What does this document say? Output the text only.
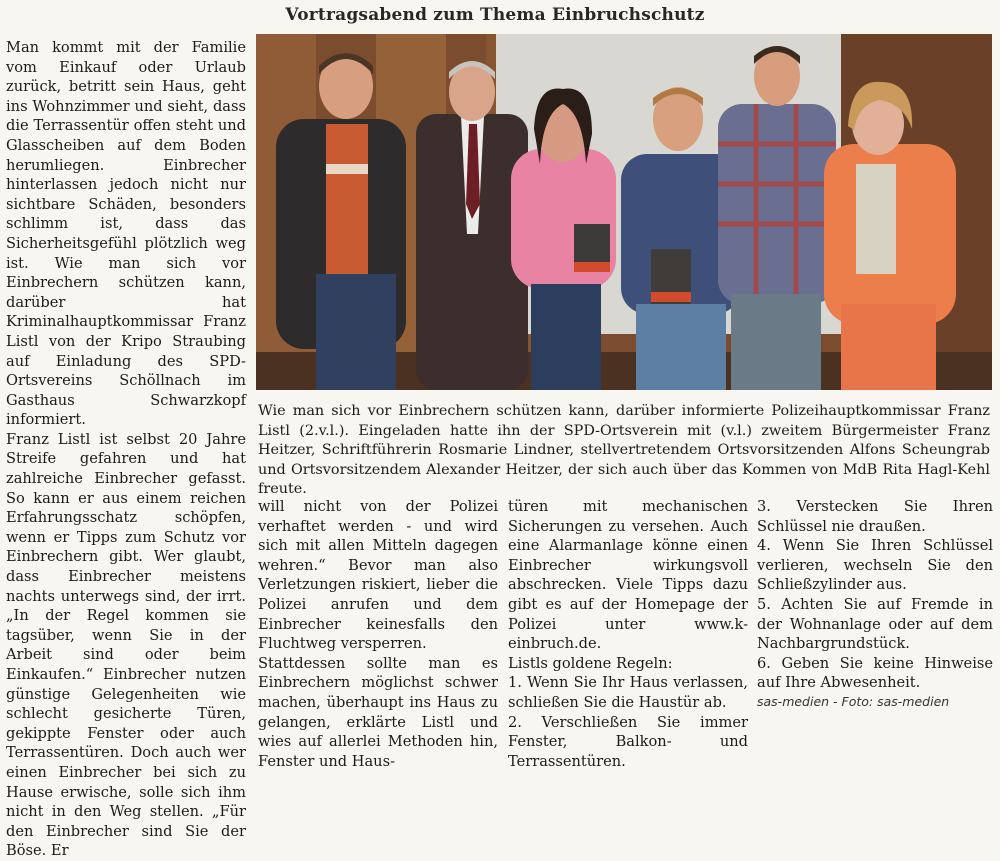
Vortragsabend zum Thema Einbruchschutz

Man kommt mit der Familie vom Einkauf oder Urlaub zurück, betritt sein Haus, geht ins Wohnzimmer und sieht, dass die Terrassentür offen steht und Glasscheiben auf dem Boden herumliegen. Einbrecher hinterlassen jedoch nicht nur sichtbare Schäden, besonders schlimm ist, dass das Sicherheitsgefühl plötzlich weg ist. Wie man sich vor Einbrechern schützen kann, darüber hat Kriminalhauptkommissar Franz Listl von der Kripo Straubing auf Einladung des SPD-Ortsvereins Schöllnach im Gasthaus Schwarzkopf informiert.

Franz Listl ist selbst 20 Jahre Streife gefahren und hat zahlreiche Einbrecher gefasst. So kann er aus einem reichen Erfahrungsschatz schöpfen, wenn er Tipps zum Schutz vor Einbrechern gibt. Wer glaubt, dass Einbrecher meistens nachts unterwegs sind, der irrt. „In der Regel kommen sie tagsüber, wenn Sie in der Arbeit sind oder beim Einkaufen.“ Einbrecher nutzen günstige Gelegenheiten wie schlecht gesicherte Türen, gekippte Fenster oder auch Terrassentüren. Doch auch wer einen Einbrecher bei sich zu Hause erwische, solle sich ihm nicht in den Weg stellen. „Für den Einbrecher sind Sie der Böse. Er

Wie man sich vor Einbrechern schützen kann, darüber informierte Polizeihauptkommissar Franz Listl (2.v.l.). Eingeladen hatte ihn der SPD-Ortsverein mit (v.l.) zweitem Bürgermeister Franz Heitzer, Schriftführerin Rosmarie Lindner, stellvertretendem Ortsvorsitzenden Alfons Scheungrab und Ortsvorsitzendem Alexander Heitzer, der sich auch über das Kommen von MdB Rita Hagl-Kehl freute.

will nicht von der Polizei verhaftet werden - und wird sich mit allen Mitteln dagegen wehren.“ Bevor man also Verletzungen riskiert, lieber die Polizei anrufen und dem Einbrecher keinesfalls den Fluchtweg versperren.

Stattdessen sollte man es Einbrechern möglichst schwer machen, überhaupt ins Haus zu gelangen, erklärte Listl und wies auf allerlei Methoden hin, Fenster und Haus-

türen mit mechanischen Sicherungen zu versehen. Auch eine Alarmanlage könne einen Einbrecher wirkungsvoll abschrecken. Viele Tipps dazu gibt es auf der Homepage der Polizei unter www.k-einbruch.de.

Listls goldene Regeln:
1. Wenn Sie Ihr Haus verlassen, schließen Sie die Haustür ab.
2. Verschließen Sie immer Fenster, Balkon- und Terrassentüren.
3. Verstecken Sie Ihren Schlüssel nie draußen.
4. Wenn Sie Ihren Schlüssel verlieren, wechseln Sie den Schließzylinder aus.
5. Achten Sie auf Fremde in der Wohnanlage oder auf dem Nachbargrundstück.
6. Geben Sie keine Hinweise auf Ihre Abwesenheit.
sas-medien - Foto: sas-medien
